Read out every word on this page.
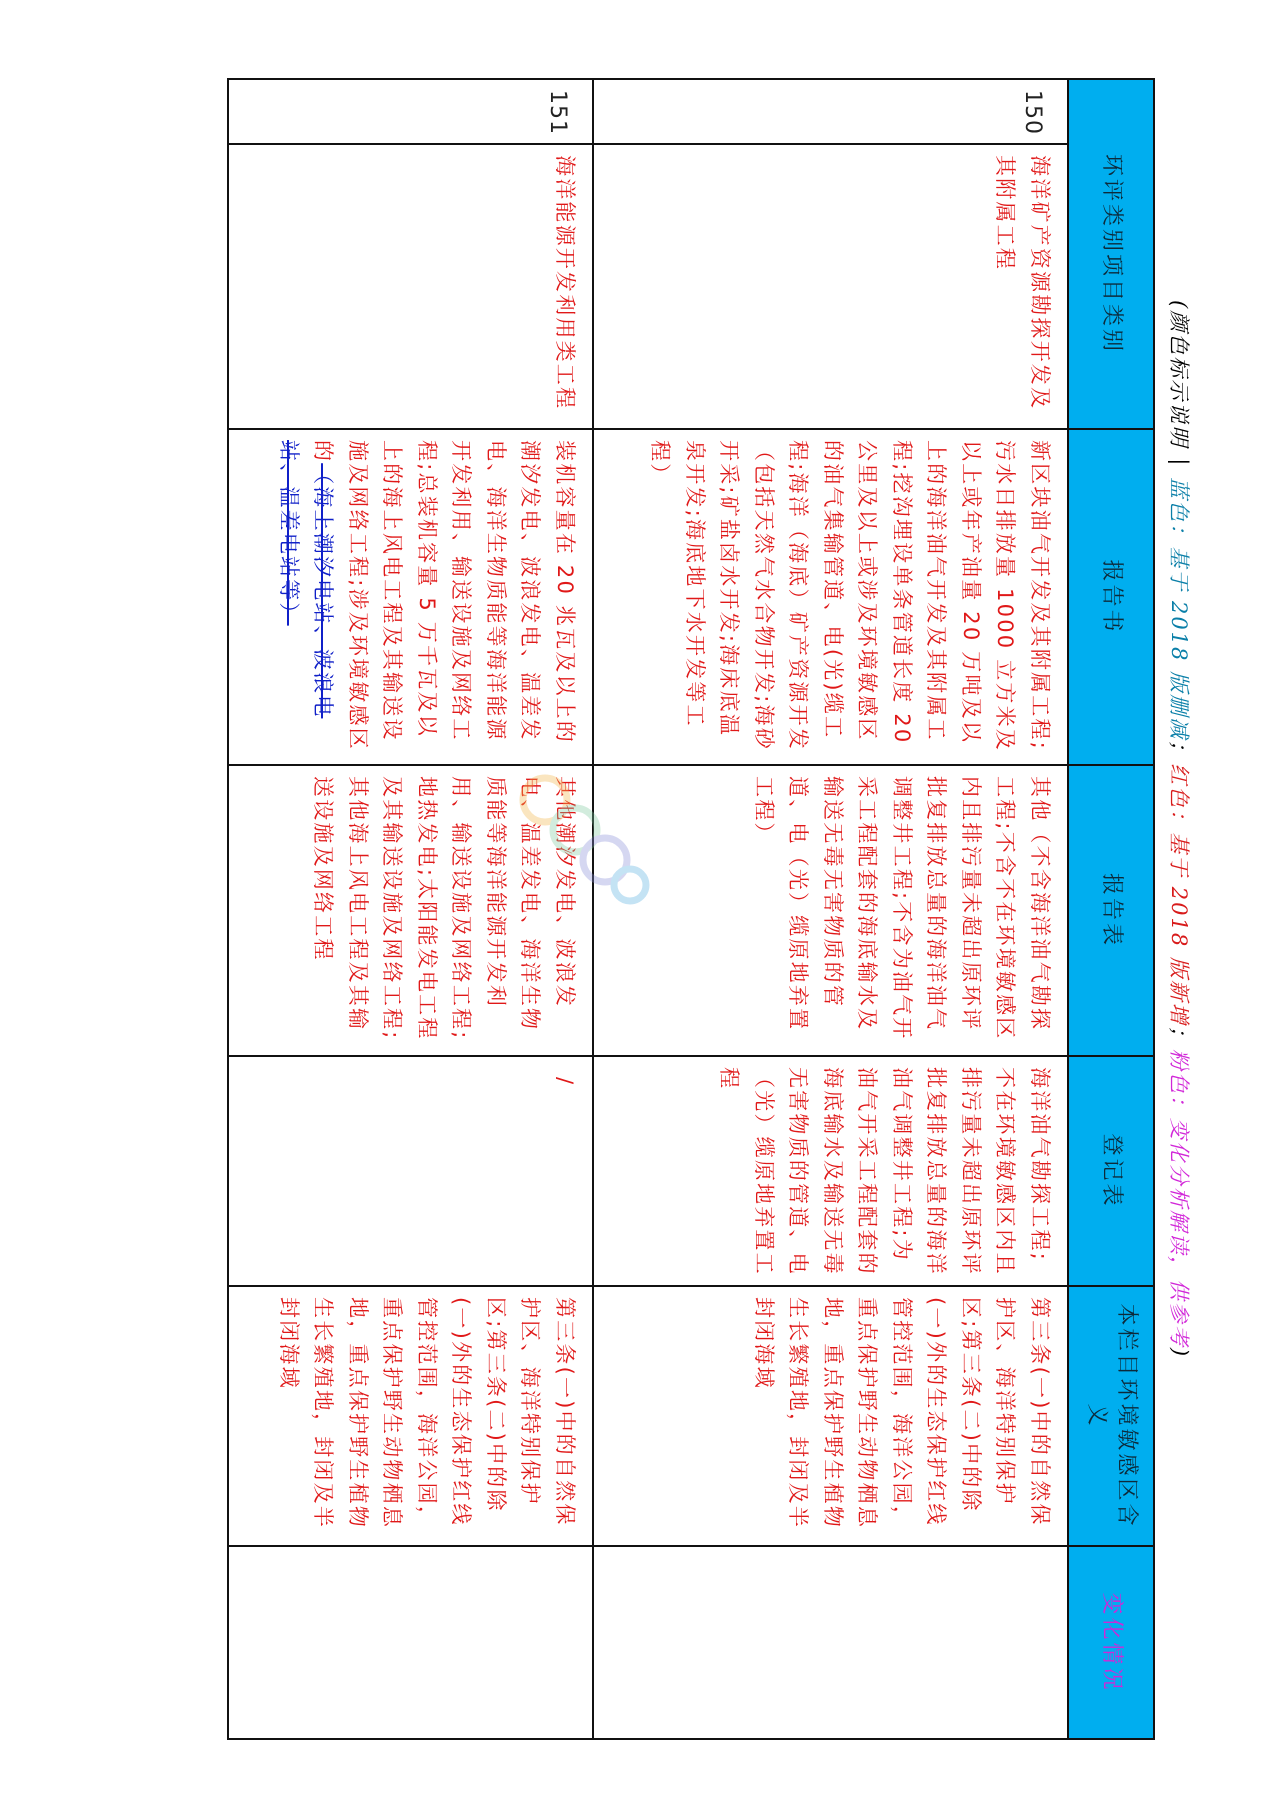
(颜色标示说明
|
蓝色：基于 2018 版删减
；
红色：基于 2018 版新增
；
粉色：变化分析解读，供参考
)
环评类别项目类别		报告书	报告表	登记表	本栏目环境敏感区含义	变化情况
150	海洋矿产资源勘探开发及其附属工程	新区块油气开发及其附属工程;污水日排放量 1000 立方米及以上或年产油量 20 万吨及以上的海洋油气开发及其附属工程;挖沟埋设单条管道长度 20 公里及以上或涉及环境敏感区的油气集输管道、电(光)缆工程;海洋（海底）矿产资源开发（包括天然气水合物开发;海砂开采;矿盐卤水开发;海床底温泉开发;海底地下水开发等工程）	其他（不含海洋油气勘探工程;不含不在环境敏感区内且排污量未超出原环评批复排放总量的海洋油气调整井工程;不含为油气开采工程配套的海底输水及输送无毒无害物质的管道、电（光）缆原地弃置工程）	海洋油气勘探工程;不在环境敏感区内且排污量未超出原环评批复排放总量的海洋油气调整井工程;为油气开采工程配套的海底输水及输送无毒无害物质的管道、电（光）缆原地弃置工程	第三条(一)中的自然保护区、海洋特别保护区;第三条(二)中的除(一)外的生态保护红线管控范围，海洋公园，重点保护野生动物栖息地，重点保护野生植物生长繁殖地，封闭及半封闭海域	
151	海洋能源开发利用类工程	装机容量在 20 兆瓦及以上的潮汐发电、波浪发电、温差发电、海洋生物质能等海洋能源开发利用、输送设施及网络工程;总装机容量 5 万千瓦及以上的海上风电工程及其输送设施及网络工程;涉及环境敏感区的（海上潮汐电站、波浪电站、温差电站等）	其他潮汐发电、波浪发电、温差发电、海洋生物质能等海洋能源开发利用、输送设施及网络工程;地热发电;太阳能发电工程及其输送设施及网络工程;其他海上风电工程及其输送设施及网络工程	/	第三条(一)中的自然保护区、海洋特别保护区;第三条(二)中的除(一)外的生态保护红线管控范围，海洋公园，重点保护野生动物栖息地，重点保护野生植物生长繁殖地，封闭及半封闭海域	
